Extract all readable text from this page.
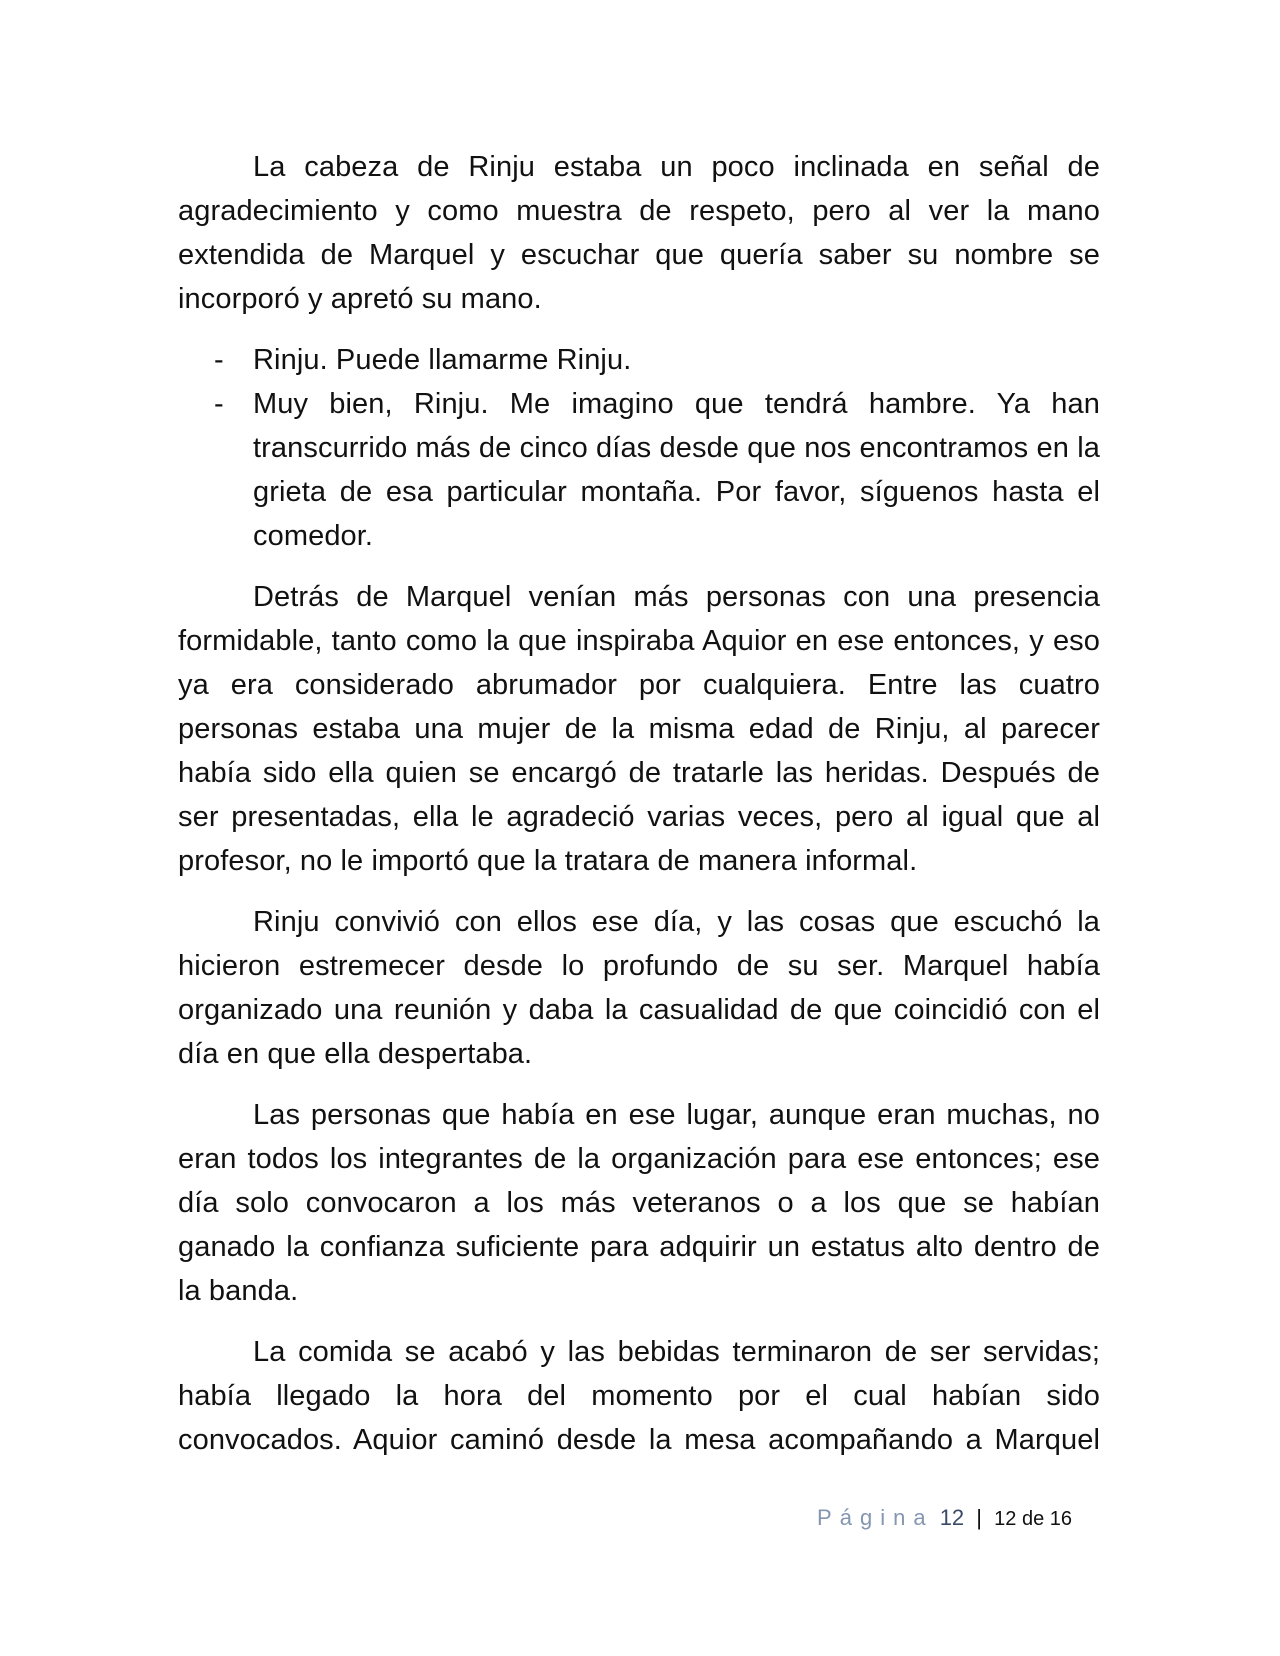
La cabeza de Rinju estaba un poco inclinada en señal de agradecimiento y como muestra de respeto, pero al ver la mano extendida de Marquel y escuchar que quería saber su nombre se incorporó y apretó su mano.

- Rinju. Puede llamarme Rinju.
- Muy bien, Rinju. Me imagino que tendrá hambre. Ya han transcurrido más de cinco días desde que nos encontramos en la grieta de esa particular montaña. Por favor, síguenos hasta el comedor.

Detrás de Marquel venían más personas con una presencia formidable, tanto como la que inspiraba Aquior en ese entonces, y eso ya era considerado abrumador por cualquiera. Entre las cuatro personas estaba una mujer de la misma edad de Rinju, al parecer había sido ella quien se encargó de tratarle las heridas. Después de ser presentadas, ella le agradeció varias veces, pero al igual que al profesor, no le importó que la tratara de manera informal.

Rinju convivió con ellos ese día, y las cosas que escuchó la hicieron estremecer desde lo profundo de su ser. Marquel había organizado una reunión y daba la casualidad de que coincidió con el día en que ella despertaba.

Las personas que había en ese lugar, aunque eran muchas, no eran todos los integrantes de la organización para ese entonces; ese día solo convocaron a los más veteranos o a los que se habían ganado la confianza suficiente para adquirir un estatus alto dentro de la banda.

La comida se acabó y las bebidas terminaron de ser servidas; había llegado la hora del momento por el cual habían sido convocados. Aquior caminó desde la mesa acompañando a Marquel

Página 12 | 12 de 16
